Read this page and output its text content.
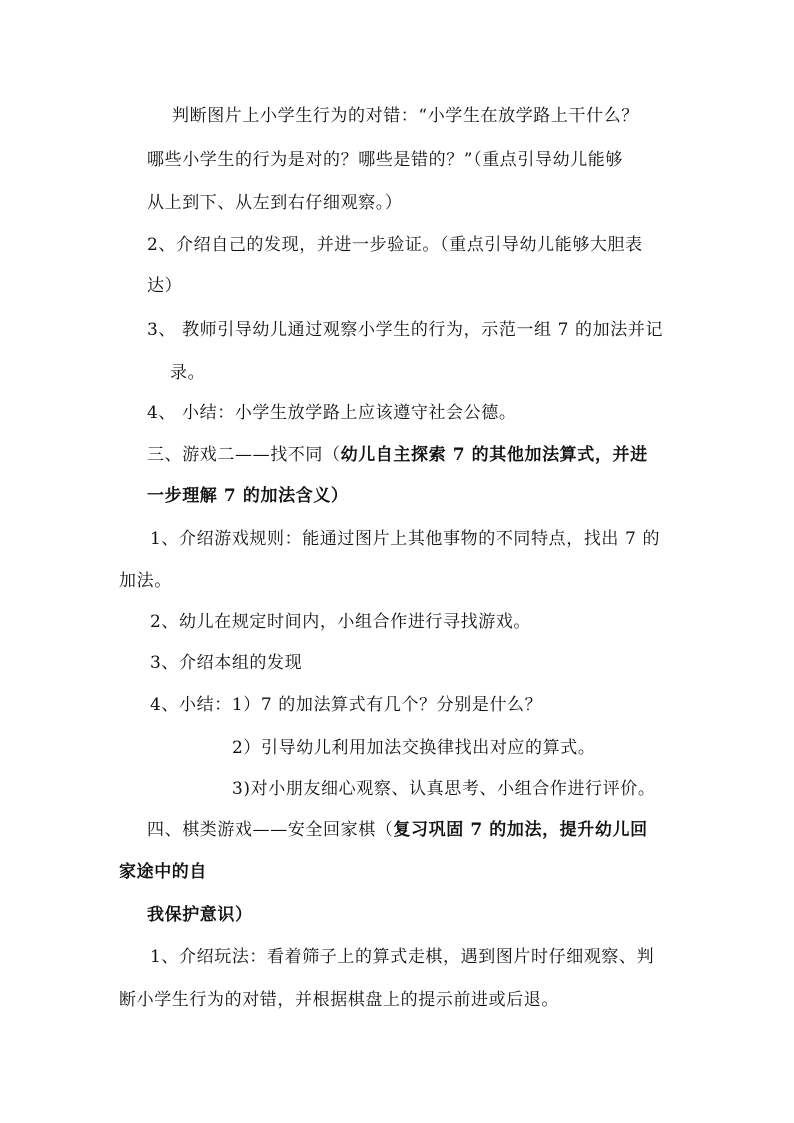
判断图片上小学生行为的对错：“小学生在放学路上干什么？
哪些小学生的行为是对的？哪些是错的？”（重点引导幼儿能够
从上到下、从左到右仔细观察。）
2、介绍自己的发现，并进一步验证。（重点引导幼儿能够大胆表
达）
3、 教师引导幼儿通过观察小学生的行为，示范一组 7 的加法并记
录。
4、 小结：小学生放学路上应该遵守社会公德。
三、游戏二——找不同（幼儿自主探索 7 的其他加法算式，并进
一步理解 7 的加法含义）
1、介绍游戏规则：能通过图片上其他事物的不同特点，找出 7 的
加法。
2、幼儿在规定时间内，小组合作进行寻找游戏。
3、介绍本组的发现
4、小结：1）7 的加法算式有几个？分别是什么？
2）引导幼儿利用加法交换律找出对应的算式。
3)对小朋友细心观察、认真思考、小组合作进行评价。
四、棋类游戏——安全回家棋（复习巩固 7 的加法，提升幼儿回
家途中的自
我保护意识）
1、介绍玩法：看着筛子上的算式走棋，遇到图片时仔细观察、判
断小学生行为的对错，并根据棋盘上的提示前进或后退。
